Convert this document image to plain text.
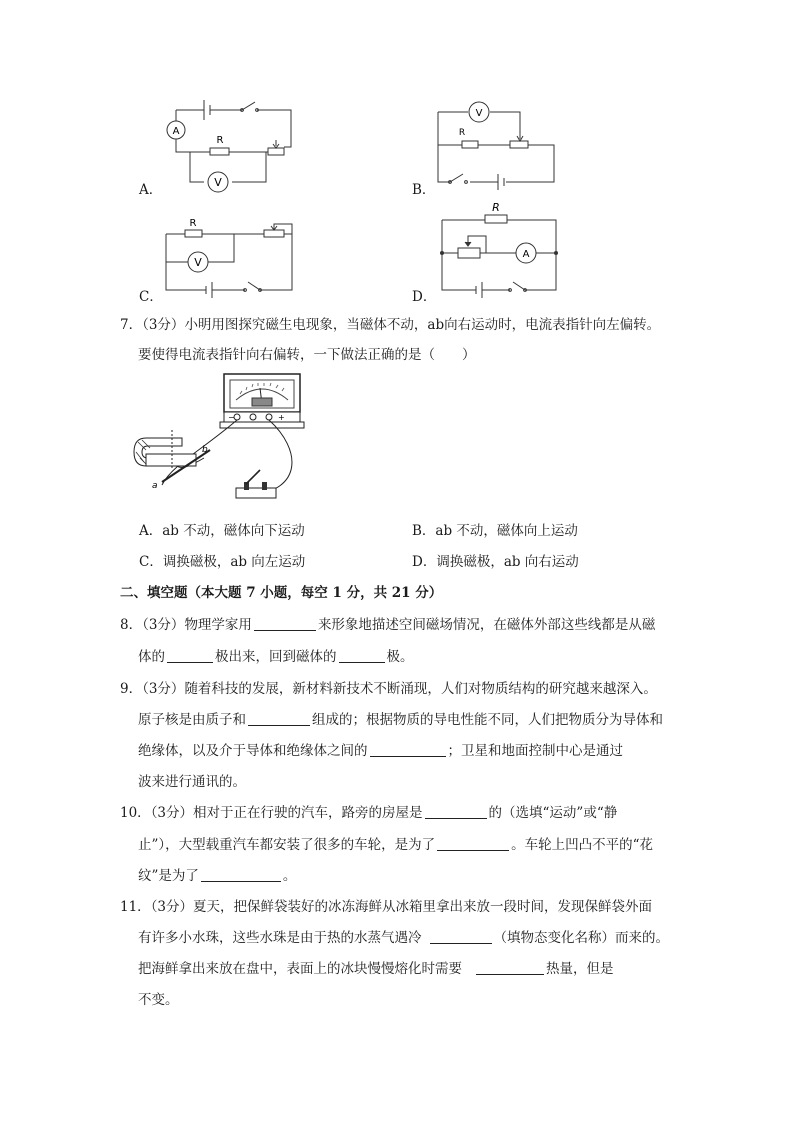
A
V
R
A．
V
R
B．
R
V
C．
R
A
D．
7．（3分）小明用图探究磁生电现象，当磁体不动，ab向右运动时，电流表指针向左偏转。
要使得电流表指针向右偏转，一下做法正确的是（　　）
−	+
b
a
A．ab 不动，磁体向下运动	B．ab 不动，磁体向上运动
C．调换磁极，ab 向左运动	D．调换磁极，ab 向右运动
二、填空题（本大题 7 小题，每空 1 分，共 21 分）
8．（3分）物理学家用	来形象地描述空间磁场情况，在磁体外部这些线都是从磁
体的	极出来，回到磁体的	极。
9．（3分）随着科技的发展，新材料新技术不断涌现，人们对物质结构的研究越来越深入。
原子核是由质子和	组成的；根据物质的导电性能不同，人们把物质分为导体和
绝缘体，以及介于导体和绝缘体之间的	；卫星和地面控制中心是通过
波来进行通讯的。
10．（3分）相对于正在行驶的汽车，路旁的房屋是	的（选填“运动”或“静
止”），大型载重汽车都安装了很多的车轮，是为了	。车轮上凹凸不平的“花
纹”是为了	。
11．（3分）夏天，把保鲜袋装好的冰冻海鲜从冰箱里拿出来放一段时间，发现保鲜袋外面
有许多小水珠，这些水珠是由于热的水蒸气遇冷	（填物态变化名称）而来的。
把海鲜拿出来放在盘中，表面上的冰块慢慢熔化时需要	热量，但是
不变。
